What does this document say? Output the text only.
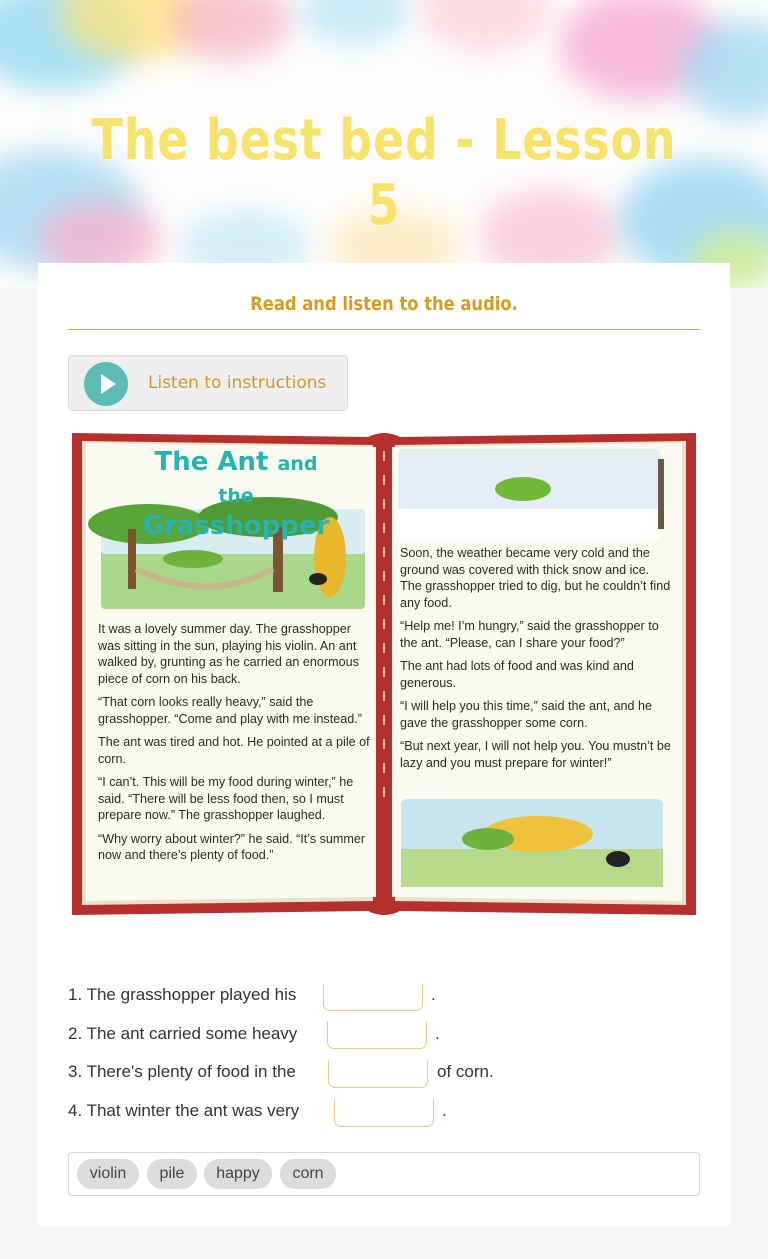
The best bed - Lesson 5
Read and listen to the audio.
Listen to instructions
The Ant and
the Grasshopper

It was a lovely summer day. The grasshopper was sitting in the sun, playing his violin. An ant walked by, grunting as he carried an enormous piece of corn on his back.

“That corn looks really heavy,” said the grasshopper. “Come and play with me instead.”

The ant was tired and hot. He pointed at a pile of corn.

“I can’t. This will be my food during winter,” he said. “There will be less food then, so I must prepare now.” The grasshopper laughed.

“Why worry about winter?” he said. “It’s summer now and there’s plenty of food.”

Soon, the weather became very cold and the ground was covered with thick snow and ice. The grasshopper tried to dig, but he couldn’t find any food.

“Help me! I’m hungry,” said the grasshopper to the ant. “Please, can I share your food?”

The ant had lots of food and was kind and generous.

“I will help you this time,” said the ant, and he gave the grasshopper some corn.

“But next year, I will not help you. You mustn’t be lazy and you must prepare for winter!”

1. The grasshopper played his	.
2. The ant carried some heavy	.
3. There's plenty of food in the	of corn.
4. That winter the ant was very	.
violin	pile	happy	corn
